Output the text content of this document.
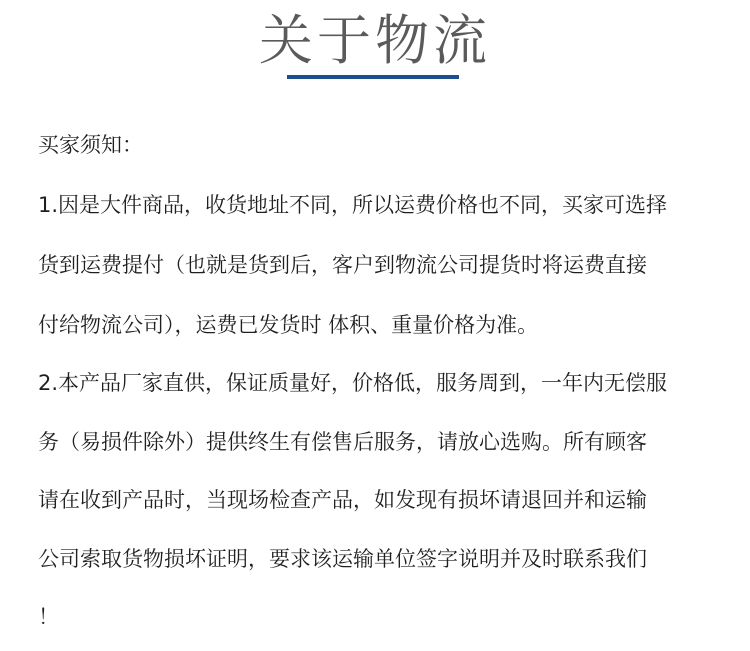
关于物流
买家须知：
1.因是大件商品，收货地址不同，所以运费价格也不同，买家可选择
货到运费提付（也就是货到后，客户到物流公司提货时将运费直接
付给物流公司），运费已发货时 体积、重量价格为准。
2.本产品厂家直供，保证质量好，价格低，服务周到，一年内无偿服
务（易损件除外）提供终生有偿售后服务，请放心选购。所有顾客
请在收到产品时，当现场检查产品，如发现有损坏请退回并和运输
公司索取货物损坏证明，要求该运输单位签字说明并及时联系我们
！
